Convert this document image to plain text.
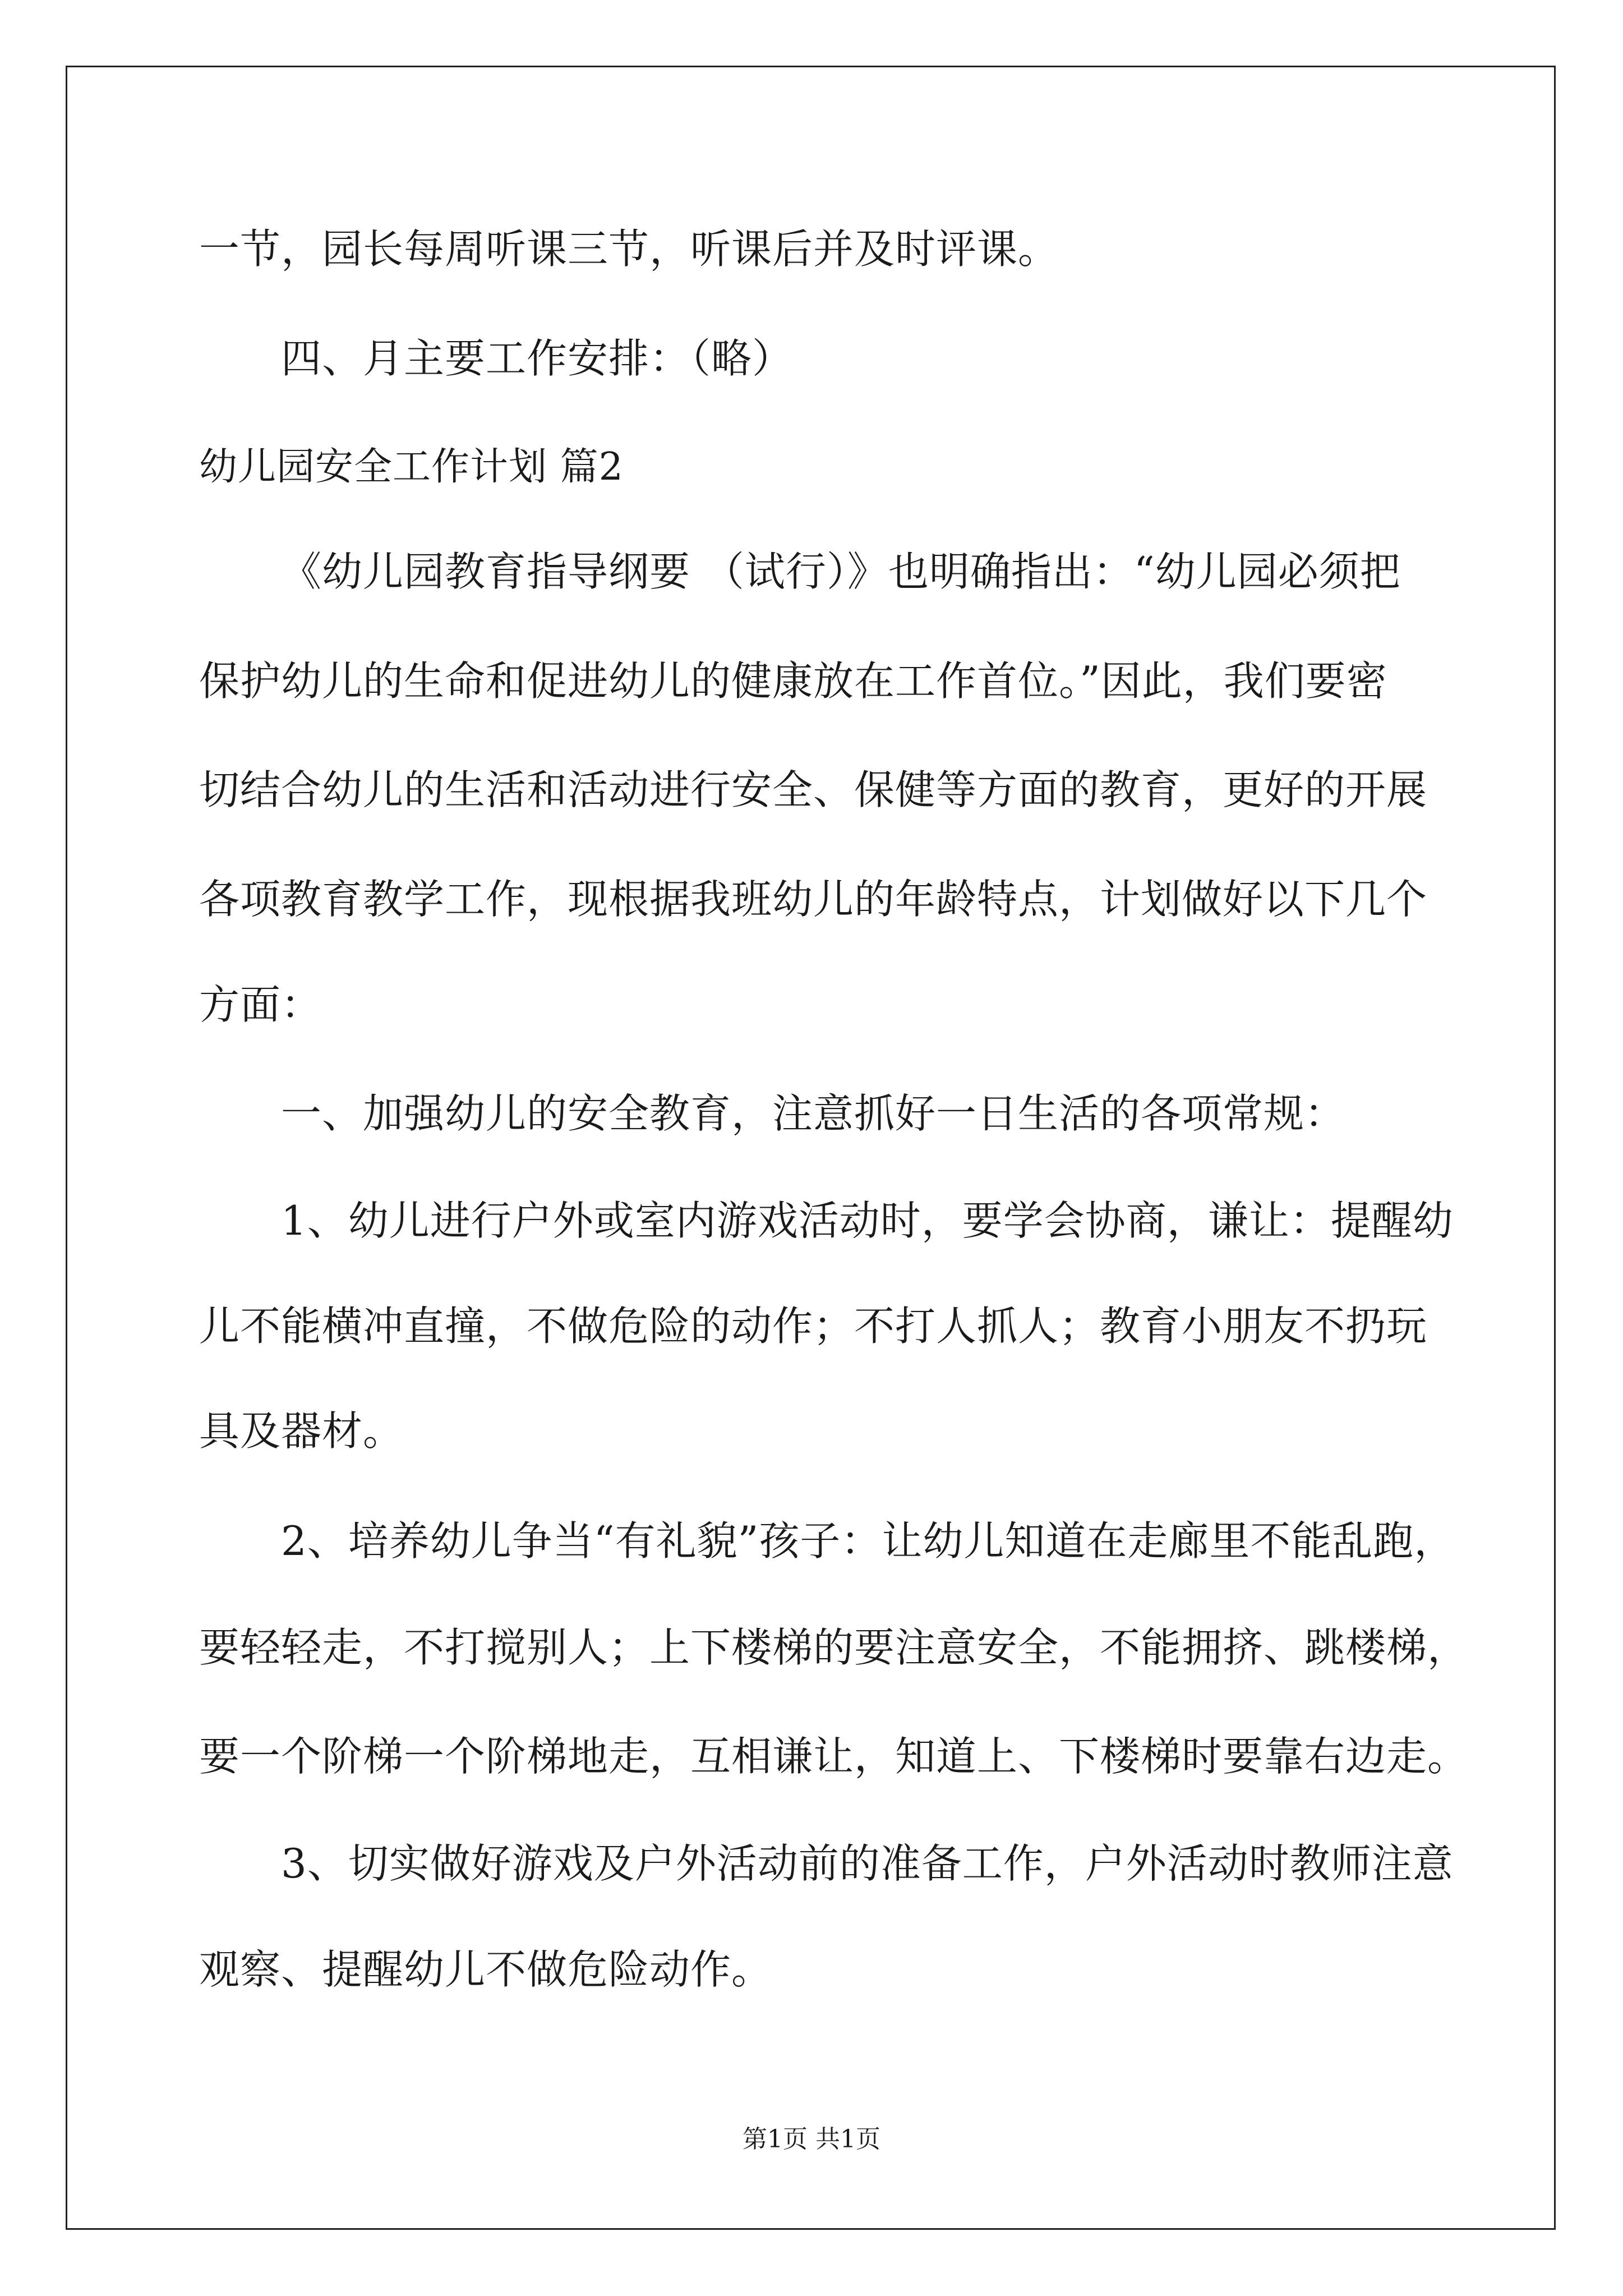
一节，园长每周听课三节，听课后并及时评课。
四、月主要工作安排：（略）
幼儿园安全工作计划 篇2
《幼儿园教育指导纲要 （试行）》也明确指出：“幼儿园必须把
保护幼儿的生命和促进幼儿的健康放在工作首位。”因此，我们要密
切结合幼儿的生活和活动进行安全、保健等方面的教育，更好的开展
各项教育教学工作，现根据我班幼儿的年龄特点，计划做好以下几个
方面：
一、加强幼儿的安全教育，注意抓好一日生活的各项常规：
1、幼儿进行户外或室内游戏活动时，要学会协商，谦让：提醒幼
儿不能横冲直撞，不做危险的动作；不打人抓人；教育小朋友不扔玩
具及器材。
2、培养幼儿争当“有礼貌”孩子：让幼儿知道在走廊里不能乱跑，
要轻轻走，不打搅别人；上下楼梯的要注意安全，不能拥挤、跳楼梯，
要一个阶梯一个阶梯地走，互相谦让，知道上、下楼梯时要靠右边走。
3、切实做好游戏及户外活动前的准备工作，户外活动时教师注意
观察、提醒幼儿不做危险动作。
第1页 共1页
